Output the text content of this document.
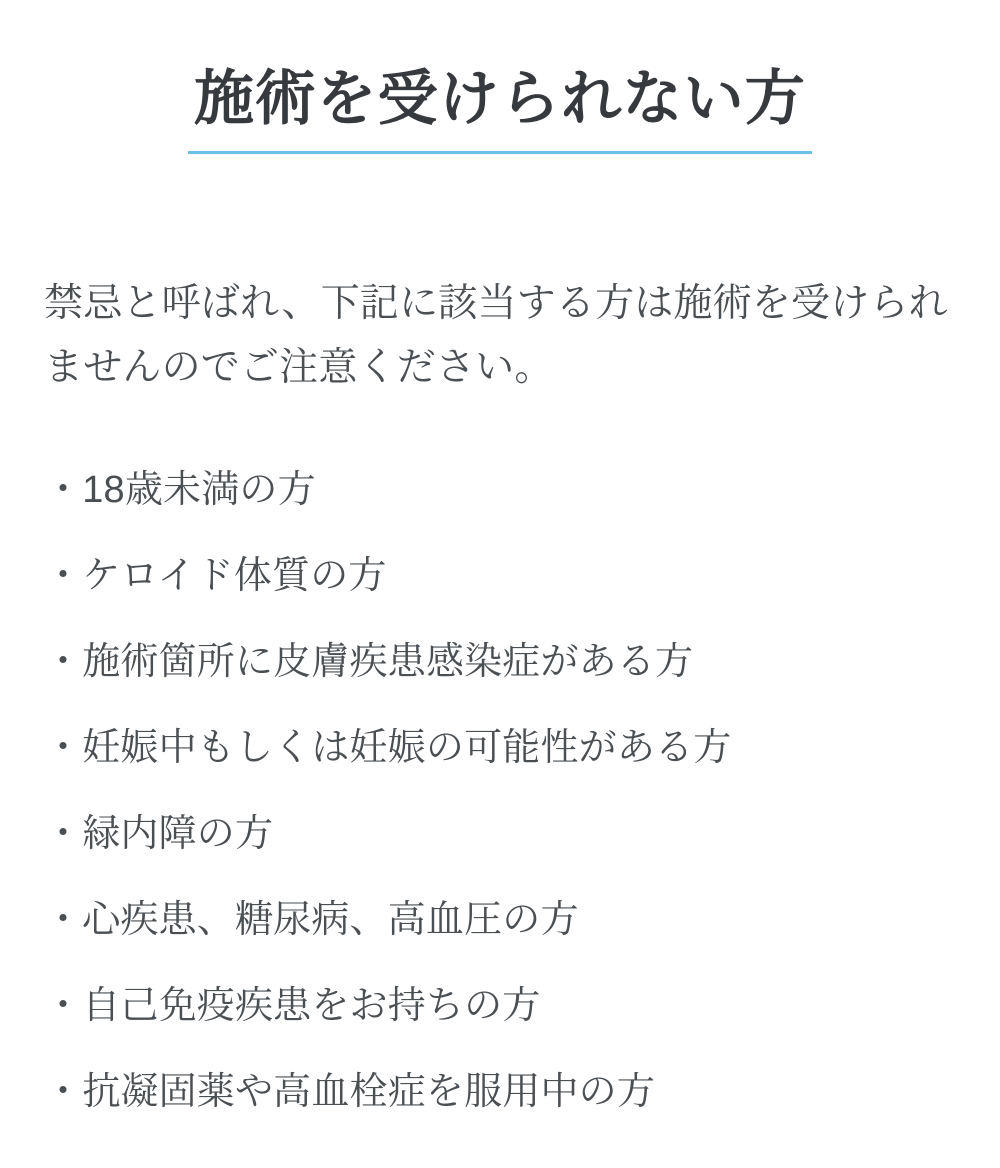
施術を受けられない方

禁忌と呼ばれ、下記に該当する方は施術を受けられませんのでご注意ください。

・18歳未満の方
・ケロイド体質の方
・施術箇所に皮膚疾患感染症がある方
・妊娠中もしくは妊娠の可能性がある方
・緑内障の方
・心疾患、糖尿病、高血圧の方
・自己免疫疾患をお持ちの方
・抗凝固薬や高血栓症を服用中の方
